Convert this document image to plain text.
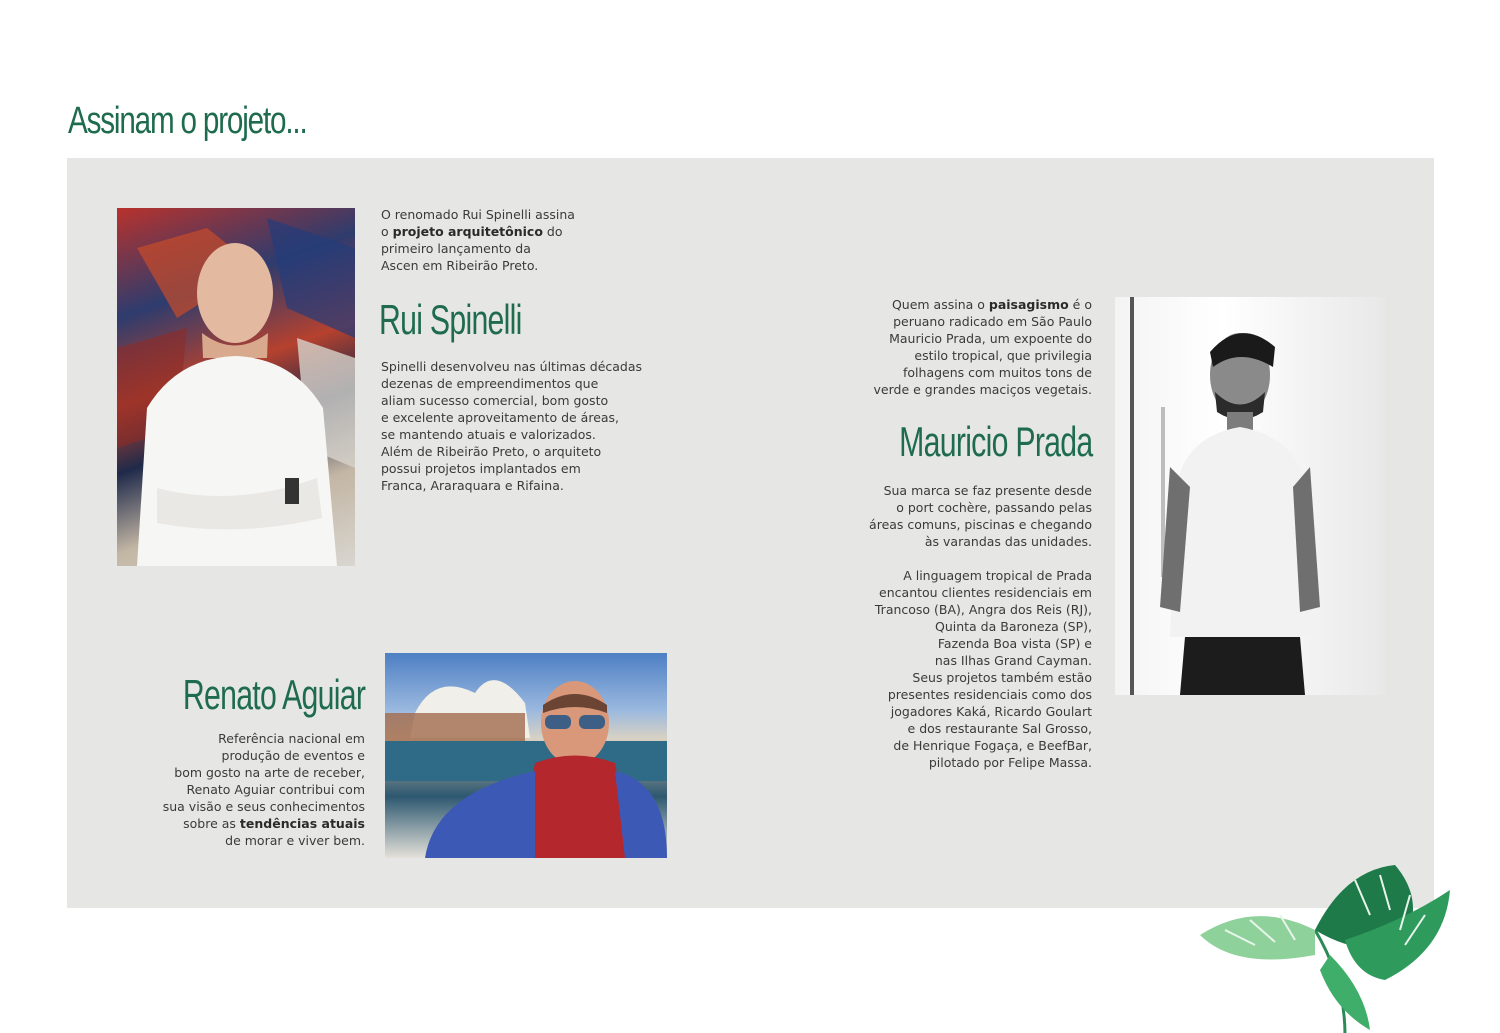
Assinam o projeto...
O renomado Rui Spinelli assina
o projeto arquitetônico do
primeiro lançamento da
Ascen em Ribeirão Preto.
Rui Spinelli
Spinelli desenvolveu nas últimas décadas
dezenas de empreendimentos que
aliam sucesso comercial, bom gosto
e excelente aproveitamento de áreas,
se mantendo atuais e valorizados.
Além de Ribeirão Preto, o arquiteto
possui projetos implantados em
Franca, Araraquara e Rifaina.
Quem assina o paisagismo é o
peruano radicado em São Paulo
Mauricio Prada, um expoente do
estilo tropical, que privilegia
folhagens com muitos tons de
verde e grandes maciços vegetais.
Mauricio Prada
Sua marca se faz presente desde
o port cochère, passando pelas
áreas comuns, piscinas e chegando
às varandas das unidades.
A linguagem tropical de Prada
encantou clientes residenciais em
Trancoso (BA), Angra dos Reis (RJ),
Quinta da Baroneza (SP),
Fazenda Boa vista (SP) e
nas Ilhas Grand Cayman.
Seus projetos também estão
presentes residenciais como dos
jogadores Kaká, Ricardo Goulart
e dos restaurante Sal Grosso,
de Henrique Fogaça, e BeefBar,
pilotado por Felipe Massa.
Renato Aguiar
Referência nacional em
produção de eventos e
bom gosto na arte de receber,
Renato Aguiar contribui com
sua visão e seus conhecimentos
sobre as tendências atuais
de morar e viver bem.
